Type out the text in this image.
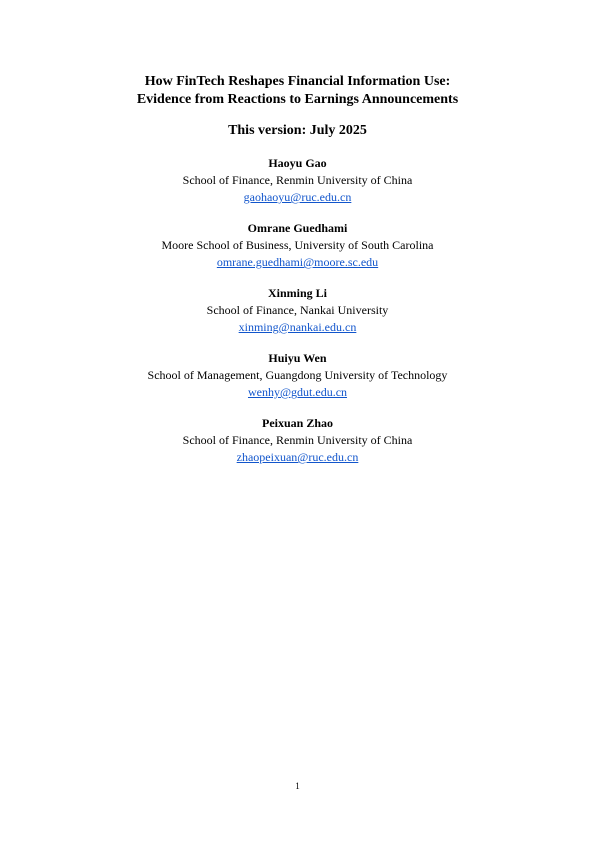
How FinTech Reshapes Financial Information Use:
Evidence from Reactions to Earnings Announcements

This version: July 2025

Haoyu Gao
School of Finance, Renmin University of China
gaohaoyu@ruc.edu.cn
Omrane Guedhami
Moore School of Business, University of South Carolina
omrane.guedhami@moore.sc.edu
Xinming Li
School of Finance, Nankai University
xinming@nankai.edu.cn
Huiyu Wen
School of Management, Guangdong University of Technology
wenhy@gdut.edu.cn
Peixuan Zhao
School of Finance, Renmin University of China
zhaopeixuan@ruc.edu.cn
1
